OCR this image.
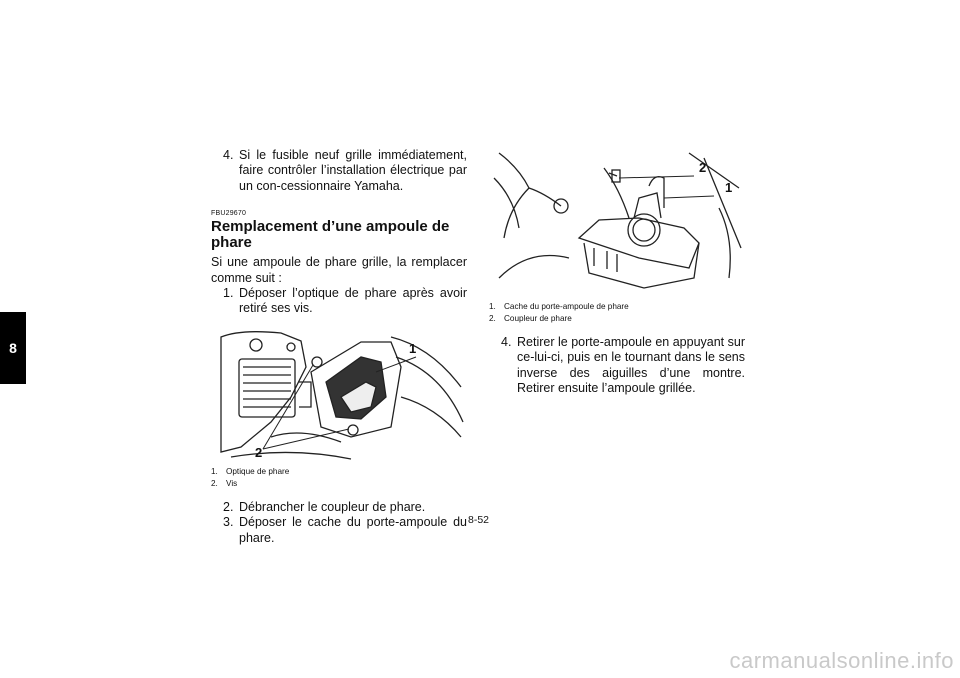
8
4. Si le fusible neuf grille immédiatement, faire contrôler l’installation électrique par un con-cessionnaire Yamaha.
FBU29670
Remplacement d’une ampoule de phare

Si une ampoule de phare grille, la remplacer comme suit :

1. Déposer l’optique de phare après avoir retiré ses vis.
1
2
1. Optique de phare
2. Vis
2. Débrancher le coupleur de phare.
3. Déposer le cache du porte-ampoule du phare.
2
1
1. Cache du porte-ampoule de phare
2. Coupleur de phare
4. Retirer le porte-ampoule en appuyant sur ce-lui-ci, puis en le tournant dans le sens inverse des aiguilles d’une montre. Retirer ensuite l’ampoule grillée.
8-52
carmanualsonline.info
